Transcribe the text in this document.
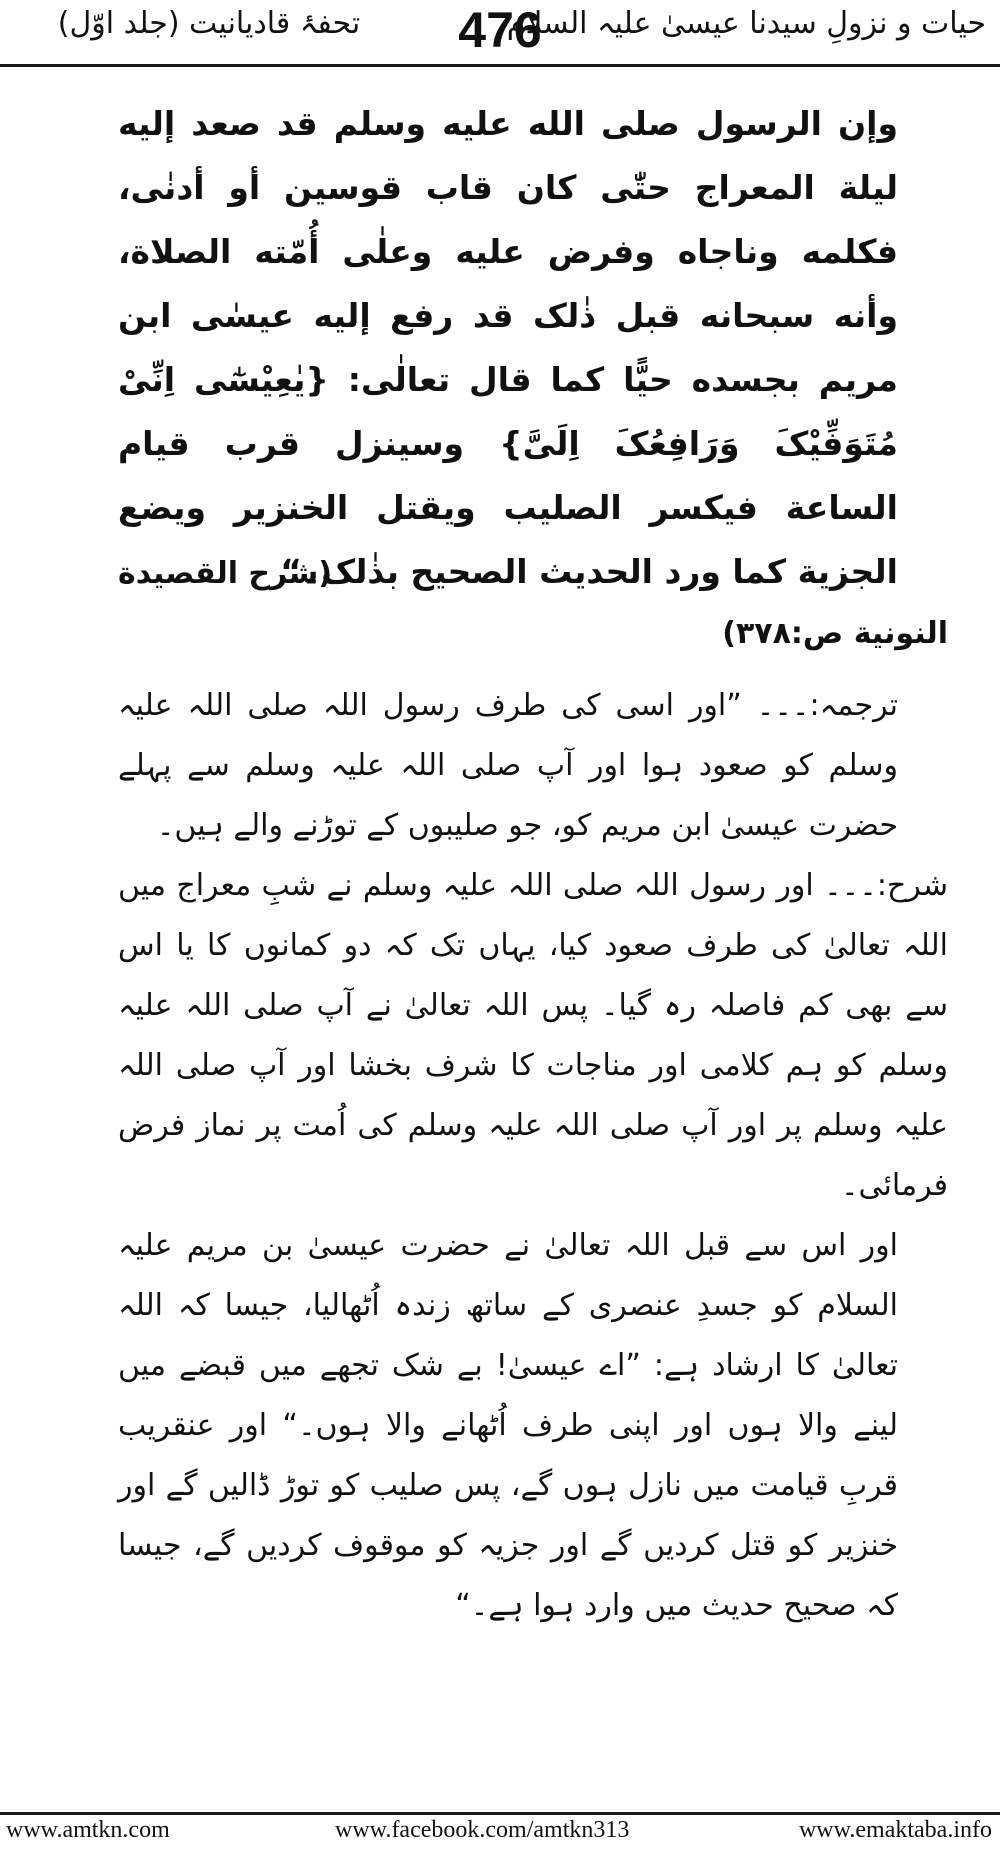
تحفۂ قادیانیت (جلد اوّل)	476
حیات و نزولِ سیدنا عیسیٰ علیہ السلام

وإن الرسول صلی الله علیه وسلم قد صعد إلیه لیلة المعراج حتّٰی کان قاب قوسین أو أدنٰی، فکلمه وناجاه وفرض علیه وعلٰی أُمّته الصلاة، وأنه سبحانه قبل ذٰلک قد رفع إلیه عیسٰی ابن مریم بجسده حیًّا کما قال تعالٰی: {یٰعِیْسٰٓی اِنِّیْ مُتَوَفِّیْکَ وَرَافِعُکَ اِلَیَّ} وسینزل قرب قیام الساعة فیکسر الصلیب ویقتل الخنزیر ویضع الجزیة کما ورد الحدیث الصحیح بذٰلک۔“

(شرح القصیدة
النونیة ص:۳۷۸)

ترجمہ:۔۔۔ ”اور اسی کی طرف رسول اللہ صلی اللہ علیہ وسلم کو صعود ہوا اور آپ صلی اللہ علیہ وسلم سے پہلے حضرت عیسیٰ ابن مریم کو، جو صلیبوں کے توڑنے والے ہیں۔

شرح:۔۔۔ اور رسول اللہ صلی اللہ علیہ وسلم نے شبِ معراج میں اللہ تعالیٰ کی طرف صعود کیا، یہاں تک کہ دو کمانوں کا یا اس سے بھی کم فاصلہ رہ گیا۔ پس اللہ تعالیٰ نے آپ صلی اللہ علیہ وسلم کو ہم کلامی اور مناجات کا شرف بخشا اور آپ صلی اللہ علیہ وسلم پر اور آپ صلی اللہ علیہ وسلم کی اُمت پر نماز فرض فرمائی۔

اور اس سے قبل اللہ تعالیٰ نے حضرت عیسیٰ بن مریم علیہ السلام کو جسدِ عنصری کے ساتھ زندہ اُٹھالیا، جیسا کہ اللہ تعالیٰ کا ارشاد ہے: ”اے عیسیٰ! بے شک تجھے میں قبضے میں لینے والا ہوں اور اپنی طرف اُٹھانے والا ہوں۔“ اور عنقریب قربِ قیامت میں نازل ہوں گے، پس صلیب کو توڑ ڈالیں گے اور خنزیر کو قتل کردیں گے اور جزیہ کو موقوف کردیں گے، جیسا کہ صحیح حدیث میں وارد ہوا ہے۔“

www.amtkn.com	www.facebook.com/amtkn313	www.emaktaba.info
